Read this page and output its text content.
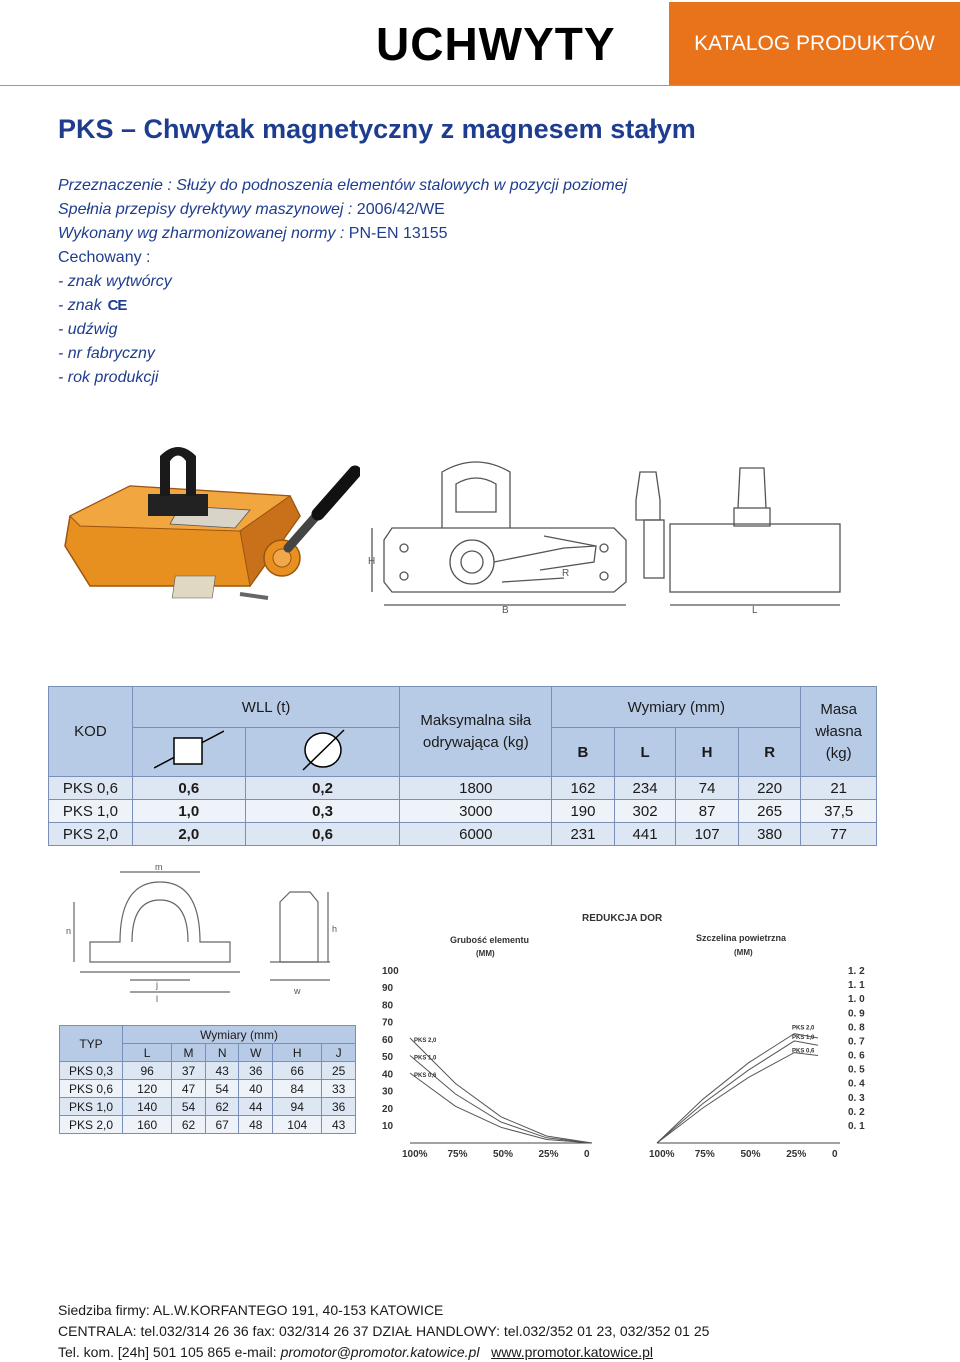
UCHWYTY	KATALOG PRODUKTÓW
PKS – Chwytak magnetyczny z magnesem stałym
Przeznaczenie : Służy do podnoszenia elementów stalowych w pozycji poziomej
Spełnia przepisy dyrektywy maszynowej : 2006/42/WE
Wykonany wg zharmonizowanej normy : PN-EN 13155
Cechowany :
- znak wytwórcy
- znak CE
- udźwig
- nr fabryczny
- rok produkcji
H
R
B	L
KOD	WLL (t)		Maksymalna siła odrywająca (kg)	Wymiary (mm)				Masa własna (kg)
		B	L	H	R	
PKS 0,6	0,6	0,2	1800	162	234	74	220	21
PKS 1,0	1,0	0,3	3000	190	302	87	265	37,5
PKS 2,0	2,0	0,6	6000	231	441	107	380	77
m
n
j
l
w
h
TYP	Wymiary (mm)					
	L	M	N	W	H	J
PKS 0,3	96	37	43	36	66	25
PKS 0,6	120	47	54	40	84	33
PKS 1,0	140	54	62	44	94	36
PKS 2,0	160	62	67	48	104	43
REDUKCJA DOR
Grubość elementu
(MM)
Szczelina powietrzna
(MM)
100
90
80
70
60
50
40
30
20
10
100% 75%	50%	25%	0
PKS 2,0
PKS 1,0
PKS 0,6
1. 2
1. 1
1. 0
0. 9
0. 8
0. 7
0. 6
0. 5
0. 4
0. 3
0. 2
0. 1
100% 75%	50%	25%	0
PKS 2,0
PKS 1,0
PKS 0,6
Siedziba firmy: AL.W.KORFANTEGO 191, 40-153 KATOWICE
CENTRALA: tel.032/314 26 36 fax: 032/314 26 37 DZIAŁ HANDLOWY: tel.032/352 01 23, 032/352 01 25
Tel. kom. [24h] 501 105 865 e-mail: promotor@promotor.katowice.pl www.promotor.katowice.pl
